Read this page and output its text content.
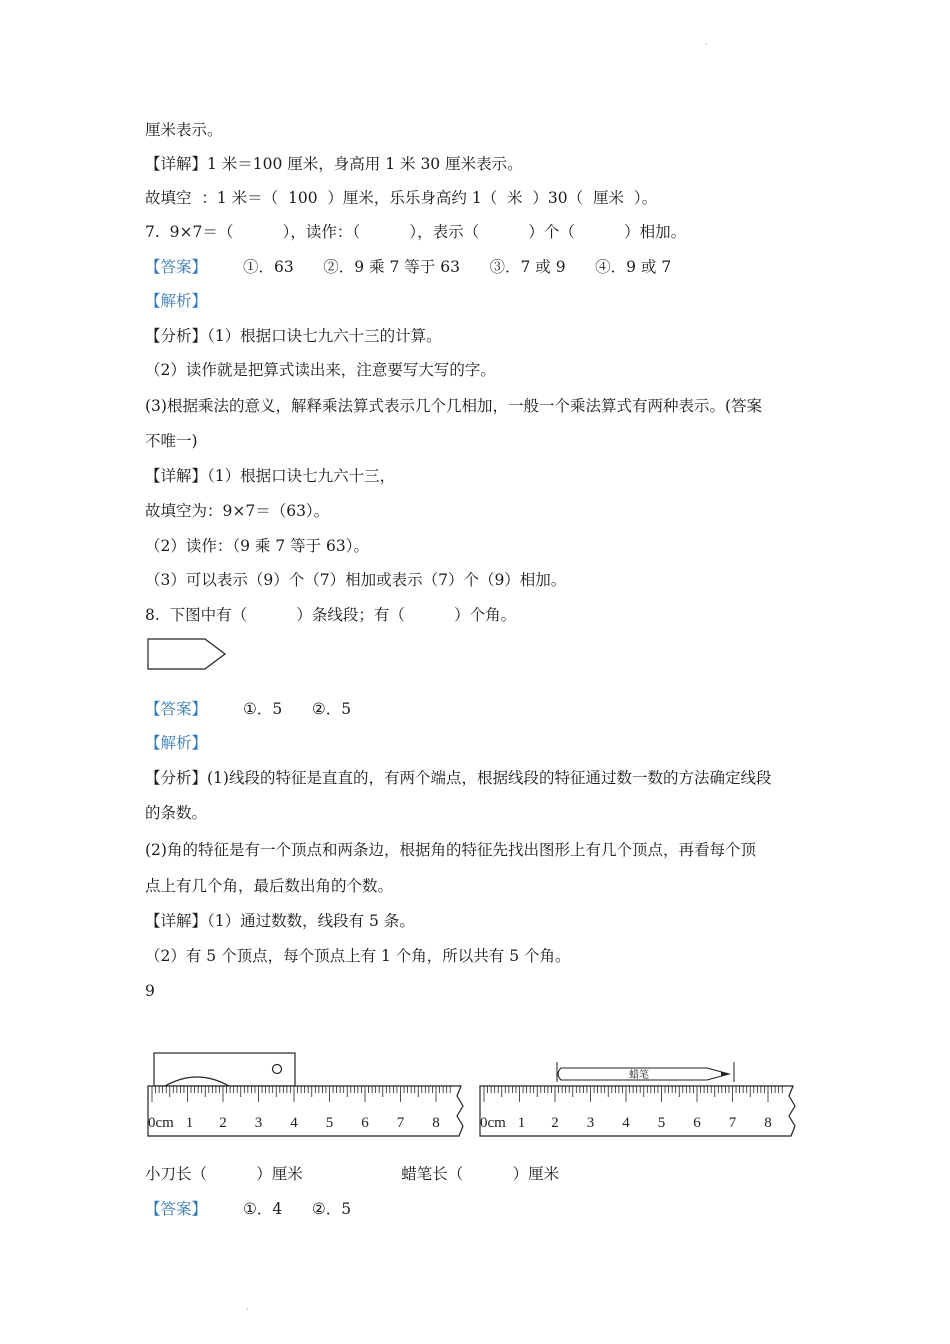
·
厘米表示。
【详解】1 米＝100 厘米，身高用 1 米 30 厘米表示。
故填空  ：1 米＝（  100  ）厘米，乐乐身高约 1（  米  ）30（  厘米  ）。
7.  9×7＝（          ），读作：（          ），表示（          ）个（          ）相加。
【答案】 ①．63      ②．9 乘 7 等于 63      ③．7 或 9      ④．9 或 7
【解析】
【分析】（1）根据口诀七九六十三的计算。
（2）读作就是把算式读出来，注意要写大写的字。
(3)根据乘法的意义，解释乘法算式表示几个几相加，一般一个乘法算式有两种表示。(答案
不唯一)
【详解】（1）根据口诀七九六十三，
故填空为：9×7＝（63）。
（2）读作：（9 乘 7 等于 63）。
（3）可以表示（9）个（7）相加或表示（7）个（9）相加。
8.  下图中有（          ）条线段；有（          ）个角。
【答案】 ①．5      ②．5
【解析】
【分析】(1)线段的特征是直直的，有两个端点，根据线段的特征通过数一数的方法确定线段
的条数。
(2)角的特征是有一个顶点和两条边，根据角的特征先找出图形上有几个顶点，再看每个顶
点上有几个角，最后数出角的个数。
【详解】（1）通过数数，线段有 5 条。
（2）有 5 个顶点，每个顶点上有 1 个角，所以共有 5 个角。
9
0cm 1 2 3 4 5 6 7 8
蜡笔
0cm 1 2 3 4 5 6 7 8
小刀长（          ）厘米                    蜡笔长（          ）厘米
【答案】 ①．4      ②．5
·
